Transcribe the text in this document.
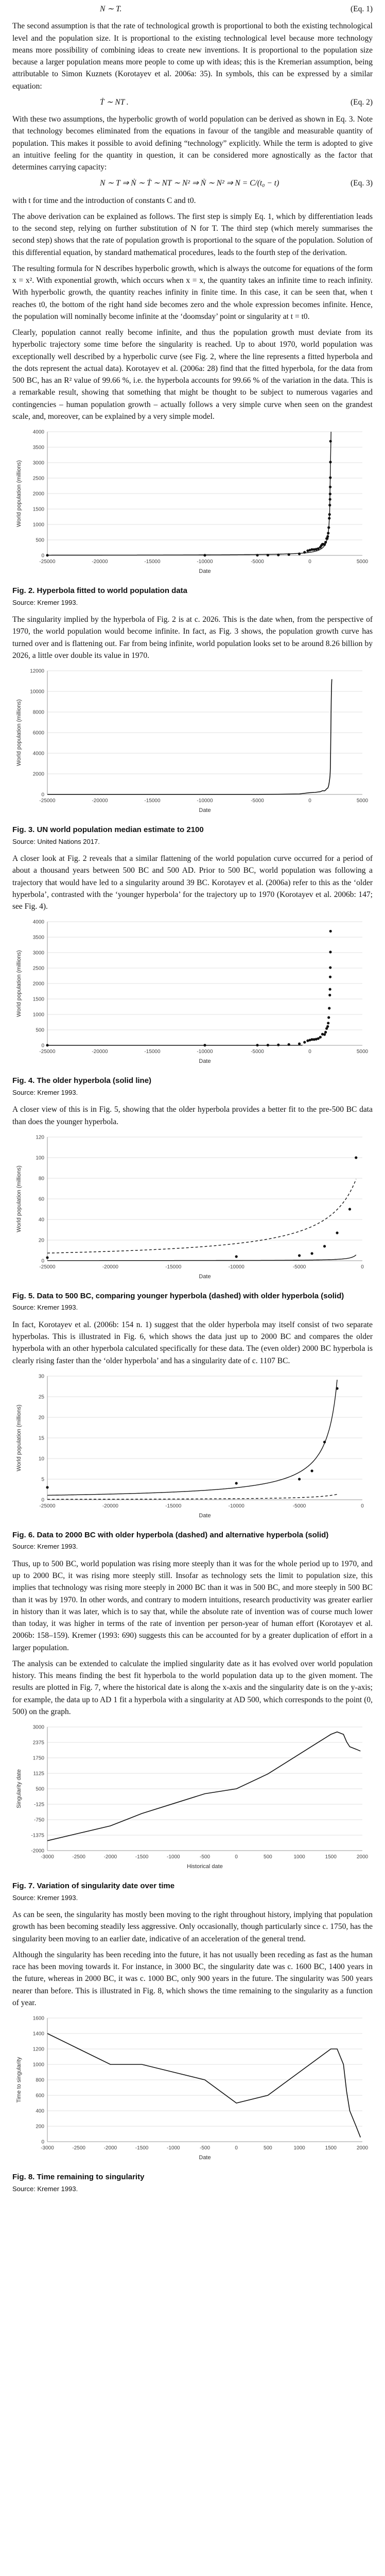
N ∼ T.	(Eq. 1)

The second assumption is that the rate of technological growth is proportional to both the existing technological level and the population size. It is proportional to the existing technological level because more technology means more possibility of combining ideas to create new inventions. It is proportional to the population size because a larger population means more people to come up with ideas; this is the Kremerian assumption, being attributable to Simon Kuznets (Korotayev et al. 2006a: 35). In symbols, this can be expressed by a similar equation:

Ṫ ∼ NT .	(Eq. 2)

With these two assumptions, the hyperbolic growth of world population can be derived as shown in Eq. 3. Note that technology becomes eliminated from the equations in favour of the tangible and measurable quantity of population. This makes it possible to avoid defining “technology” explicitly. While the term is adopted to give an intuitive feeling for the quantity in question, it can be considered more agnostically as the factor that determines carrying capacity:

N ∼ T ⇒ Ṅ ∼ Ṫ ∼ NT ∼ N² ⇒ Ṅ ∼ N² ⇒ N = C/(t₀ − t)	(Eq. 3)

with t for time and the introduction of constants C and t0.

The above derivation can be explained as follows. The first step is simply Eq. 1, which by differentiation leads to the second step, relying on further substitution of N for T. The third step (which merely summarises the second step) shows that the rate of population growth is proportional to the square of the population. Solution of this differential equation, by standard mathematical procedures, leads to the fourth step of the derivation.

The resulting formula for N describes hyperbolic growth, which is always the outcome for equations of the form x = x². With exponential growth, which occurs when x = x, the quantity takes an infinite time to reach infinity. With hyperbolic growth, the quantity reaches infinity in finite time. In this case, it can be seen that, when t reaches t0, the bottom of the right hand side becomes zero and the whole expression becomes infinite. Hence, the population will nominally become infinite at the ‘doomsday’ point or singularity at t = t0.

Clearly, population cannot really become infinite, and thus the population growth must deviate from its hyperbolic trajectory some time before the singularity is reached. Up to about 1970, world population was exceptionally well described by a hyperbolic curve (see Fig. 2, where the line represents a fitted hyperbola and the dots represent the actual data). Korotayev et al. (2006a: 28) find that the fitted hyperbola, for the data from 500 BC, has an R² value of 99.66 %, i.e. the hyperbola accounts for 99.66 % of the variation in the data. This is a remarkable result, showing that something that might be thought to be subject to numerous vagaries and contingencies – human population growth – actually follows a very simple curve when seen on the grandest scale, and, moreover, can be explained by a very simple model.

0
500
1000
1500
2000
2500
3000
3500
4000
-25000	-20000	-15000	-10000	-5000	0	5000
Date
World population (millions)
Fig. 2. Hyperbola fitted to world population data
Source: Kremer 1993.

The singularity implied by the hyperbola of Fig. 2 is at c. 2026. This is the date when, from the perspective of 1970, the world population would become infinite. In fact, as Fig. 3 shows, the population growth curve has turned over and is flattening out. Far from being infinite, world population looks set to be around 8.26 billion by 2026, a little over double its value in 1970.

0
2000
4000
6000
8000
10000
12000
-25000	-20000	-15000	-10000	-5000	0	5000
Date
World population (millions)
Fig. 3. UN world population median estimate to 2100
Source: United Nations 2017.

A closer look at Fig. 2 reveals that a similar flattening of the world population curve occurred for a period of about a thousand years between 500 BC and 500 AD. Prior to 500 BC, world population was following a trajectory that would have led to a singularity around 39 BC. Korotayev et al. (2006a) refer to this as the ‘older hyperbola’, contrasted with the ‘younger hyperbola’ for the trajectory up to 1970 (Korotayev et al. 2006b: 147; see Fig. 4).

0
500
1000
1500
2000
2500
3000
3500
4000
-25000	-20000	-15000	-10000	-5000	0	5000
Date
World population (millions)
Fig. 4. The older hyperbola (solid line)
Source: Kremer 1993.

A closer view of this is in Fig. 5, showing that the older hyperbola provides a better fit to the pre-500 BC data than does the younger hyperbola.

0
20
40
60
80
100
120
-25000	-20000	-15000	-10000	-5000	0
Date
World population (millions)
Fig. 5. Data to 500 BC, comparing younger hyperbola (dashed) with older hyperbola (solid)
Source: Kremer 1993.

In fact, Korotayev et al. (2006b: 154 n. 1) suggest that the older hyperbola may itself consist of two separate hyperbolas. This is illustrated in Fig. 6, which shows the data just up to 2000 BC and compares the older hyperbola with an other hyperbola calculated specifically for these data. The (even older) 2000 BC hyperbola is clearly rising faster than the ‘older hyperbola’ and has a singularity date of c. 1107 BC.

0
5
10
15
20
25
30
-25000	-20000	-15000	-10000	-5000	0
Date
World population (millions)
Fig. 6. Data to 2000 BC with older hyperbola (dashed) and alternative hyperbola (solid)
Source: Kremer 1993.

Thus, up to 500 BC, world population was rising more steeply than it was for the whole period up to 1970, and up to 2000 BC, it was rising more steeply still. Insofar as technology sets the limit to population size, this implies that technology was rising more steeply in 2000 BC than it was in 500 BC, and more steeply in 500 BC than it was by 1970. In other words, and contrary to modern intuitions, research productivity was greater earlier in history than it was later, which is to say that, while the absolute rate of invention was of course much lower than today, it was higher in terms of the rate of invention per person-year of human effort (Korotayev et al. 2006b: 158–159). Kremer (1993: 690) suggests this can be accounted for by a greater duplication of effort in a larger population.

The analysis can be extended to calculate the implied singularity date as it has evolved over world population history. This means finding the best fit hyperbola to the world population data up to the given moment. The results are plotted in Fig. 7, where the historical date is along the x-axis and the singularity date is on the y-axis; for example, the data up to AD 1 fit a hyperbola with a singularity at AD 500, which corresponds to the point (0, 500) on the graph.

-2000
-1375
-750
-125
500
1125
1750
2375
3000
-3000	-2500	-2000	-1500	-1000	-500	0	500	1000	1500	2000
Historical date
Singularity date
Fig. 7. Variation of singularity date over time
Source: Kremer 1993.

As can be seen, the singularity has mostly been moving to the right throughout history, implying that population growth has been becoming steadily less aggressive. Only occasionally, though particularly since c. 1750, has the singularity been moving to an earlier date, indicative of an acceleration of the general trend.

Although the singularity has been receding into the future, it has not usually been receding as fast as the human race has been moving towards it. For instance, in 3000 BC, the singularity date was c. 1600 BC, 1400 years in the future, whereas in 2000 BC, it was c. 1000 BC, only 900 years in the future. The singularity was 500 years nearer than before. This is illustrated in Fig. 8, which shows the time remaining to the singularity as a function of year.

0
200
400
600
800
1000
1200
1400
1600
-3000	-2500	-2000	-1500	-1000	-500	0	500	1000	1500	2000
Date
Time to singularity
Fig. 8. Time remaining to singularity
Source: Kremer 1993.
